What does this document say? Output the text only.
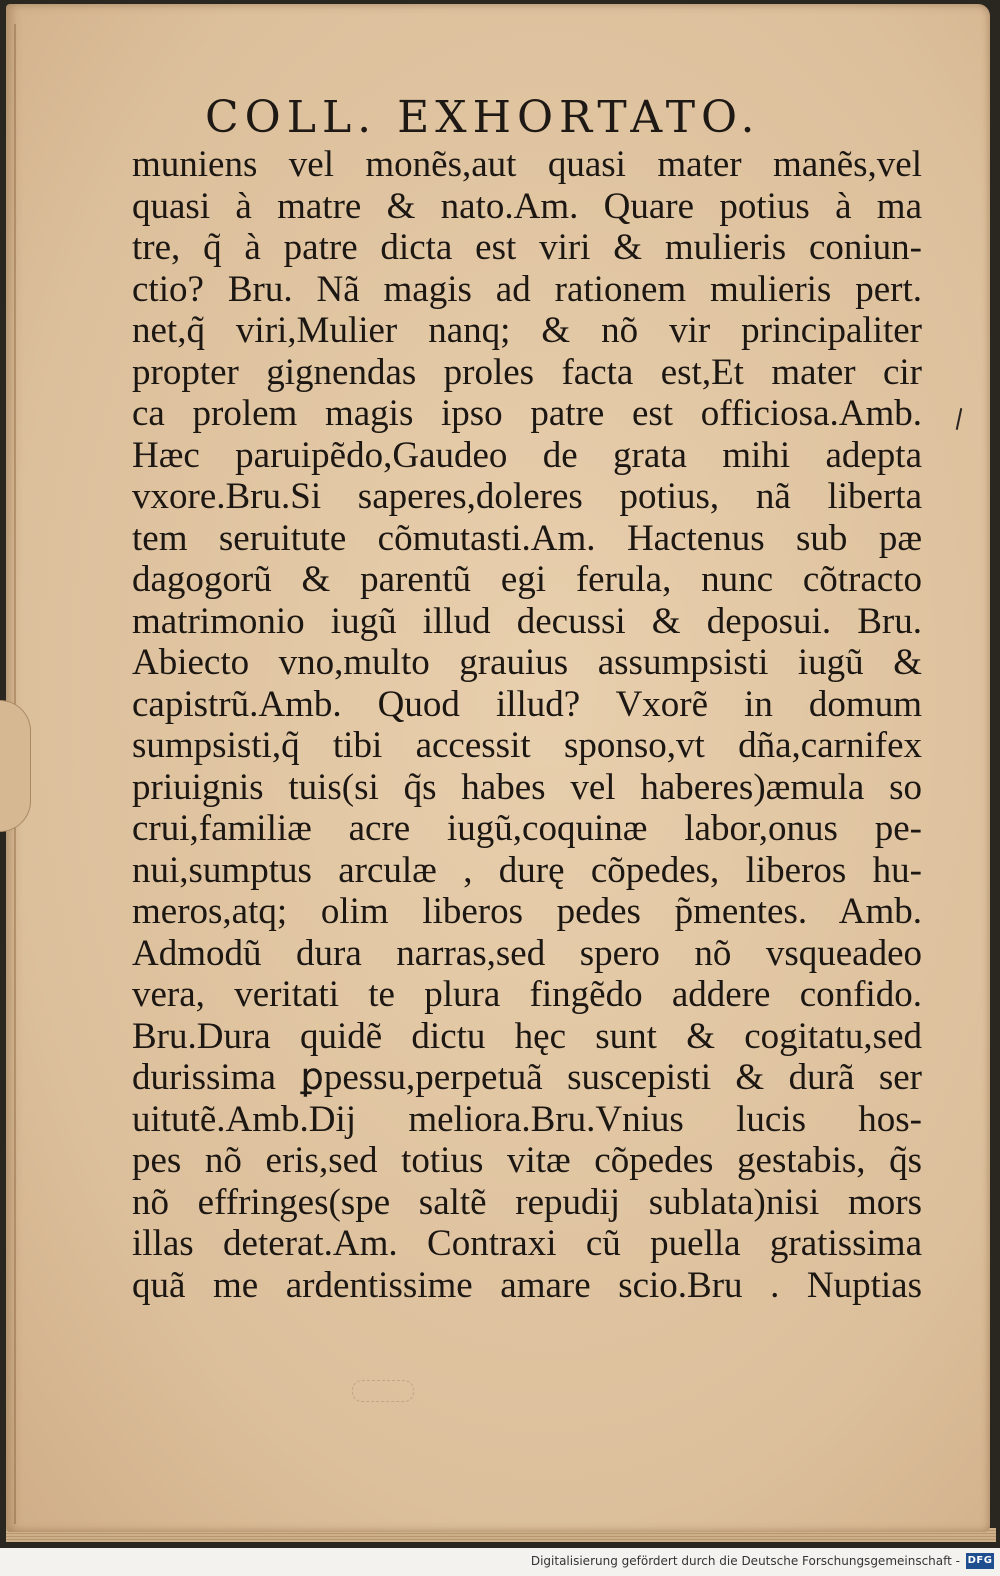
COLL. EXHORTATO.
muniens vel monẽs,aut quasi mater manẽs,vel
quasi à matre & nato.Am. Quare potius à ma
tre, q̃ à patre dicta est viri & mulieris coniun-
ctio? Bru. Nã magis ad rationem mulieris pert.
net,q̃ viri,Mulier nanq; & nõ vir principaliter
propter gignendas proles facta est,Et mater cir
ca prolem magis ipso patre est officiosa.Amb.
Hæc paruipẽdo,Gaudeo de grata mihi adepta
vxore.Bru.Si saperes,doleres potius, nã liberta
tem seruitute cõmutasti.Am. Hactenus sub pæ
dagogorũ & parentũ egi ferula, nunc cõtracto
matrimonio iugũ illud decussi & deposui. Bru.
Abiecto vno,multo grauius assumpsisti iugũ &
capistrũ.Amb. Quod illud? Vxorẽ in domum
sumpsisti,q̃ tibi accessit sponso,vt dña,carnifex
priuignis tuis(si q̃s habes vel haberes)æmula so
crui,familiæ acre iugũ,coquinæ labor,onus pe-
nui,sumptus arculæ , durę cõpedes, liberos hu-
meros,atq; olim liberos pedes p̃mentes. Amb.
Admodũ dura narras,sed spero nõ vsqueadeo
vera, veritati te plura fingẽdo addere confido.
Bru.Dura quidẽ dictu hęc sunt & cogitatu,sed
durissima ꝑpessu,perpetuã suscepisti & durã ser
uitutẽ.Amb.Dij meliora.Bru.Vnius lucis hos-
pes nõ eris,sed totius vitæ cõpedes gestabis, q̃s
nõ effringes(spe saltẽ repudij sublata)nisi mors
illas deterat.Am. Contraxi cũ puella gratissima
quã me ardentissime amare scio.Bru . Nuptias
Digitalisierung gefördert durch die Deutsche Forschungsgemeinschaft - DFG
